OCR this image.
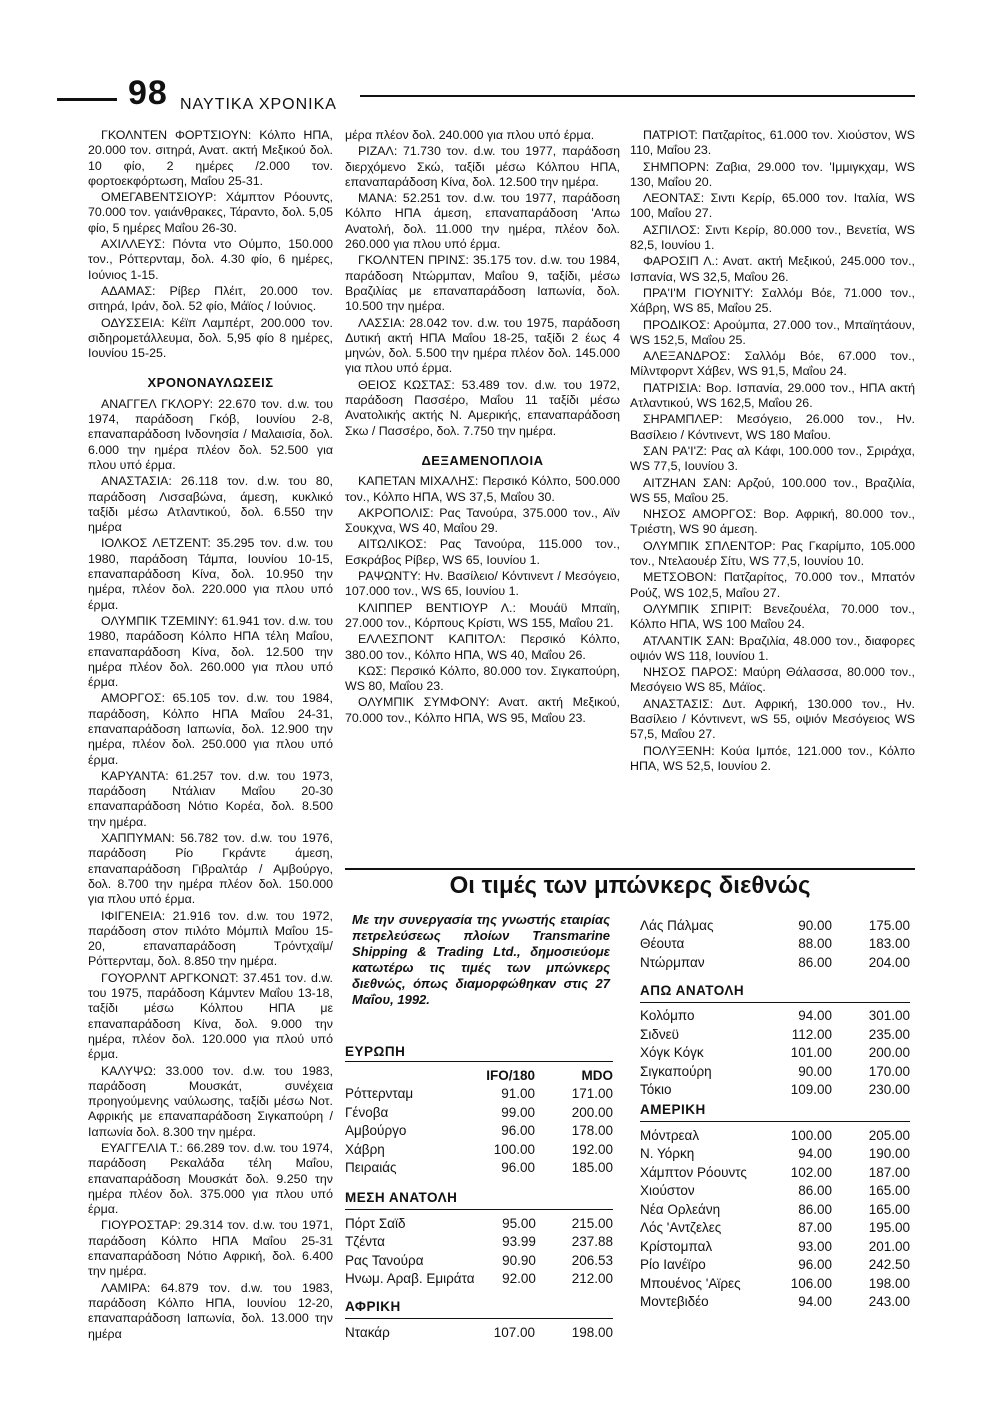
98 ΝΑΥΤΙΚΑ ΧΡΟΝΙΚΑ

ΓΚΟΛΝΤΕΝ ΦΟΡΤΣΙΟΥΝ: Κόλπο ΗΠΑ, 20.000 τον. σιτηρά, Ανατ. ακτή Μεξικού δολ. 10 φίο, 2 ημέρες /2.000 τον. φορτοεκφόρτωση, Μαΐου 25-31.

ΟΜΕΓΑΒΕΝΤΣΙΟΥΡ: Χάμπτον Ρόουντς, 70.000 τον. γαιάνθρακες, Τάραντο, δολ. 5,05 φίο, 5 ημέρες Μαΐου 26-30.

ΑΧΙΛΛΕΥΣ: Πόντα ντο Ούμπο, 150.000 τον., Ρόττερνταμ, δολ. 4.30 φίο, 6 ημέρες, Ιούνιος 1-15.

ΑΔΑΜΑΣ: Ρίβερ Πλέιτ, 20.000 τον. σιτηρά, Ιράν, δολ. 52 φίο, Μάϊος / Ιούνιος.

ΟΔΥΣΣΕΙΑ: Κέϊπ Λαμπέρτ, 200.000 τον. σιδηρομετάλλευμα, δολ. 5,95 φίο 8 ημέρες, Ιουνίου 15-25.

ΧΡΟΝΟΝΑΥΛΩΣΕΙΣ

ΑΝΑΓΓΕΛ ΓΚΛΟΡΥ: 22.670 τον. d.w. του 1974, παράδοση Γκόβ, Ιουνίου 2-8, επαναπαράδοση Ινδονησία / Μαλαισία, δολ. 6.000 την ημέρα πλέον δολ. 52.500 για πλου υπό έρμα.

ΑΝΑΣΤΑΣΙΑ: 26.118 τον. d.w. του 80, παράδοση Λισσαβώνα, άμεση, κυκλικό ταξίδι μέσω Ατλαντικού, δολ. 6.550 την ημέρα

ΙΟΛΚΟΣ ΛΕΤΖΕΝΤ: 35.295 τον. d.w. του 1980, παράδοση Τάμπα, Ιουνίου 10-15, επαναπαράδοση Κίνα, δολ. 10.950 την ημέρα, πλέον δολ. 220.000 για πλου υπό έρμα.

ΟΛΥΜΠΙΚ ΤΖΕΜΙΝΥ: 61.941 τον. d.w. του 1980, παράδοση Κόλπο ΗΠΑ τέλη Μαΐου, επαναπαράδοση Κίνα, δολ. 12.500 την ημέρα πλέον δολ. 260.000 για πλου υπό έρμα.

ΑΜΟΡΓΟΣ: 65.105 τον. d.w. του 1984, παράδοση, Κόλπο ΗΠΑ Μαΐου 24-31, επαναπαράδοση Ιαπωνία, δολ. 12.900 την ημέρα, πλέον δολ. 250.000 για πλου υπό έρμα.

ΚΑΡΥΑΝΤΑ: 61.257 τον. d.w. του 1973, παράδοση Ντάλιαν Μαΐου 20-30 επαναπαράδοση Νότιο Κορέα, δολ. 8.500 την ημέρα.

ΧΑΠΠΥΜΑΝ: 56.782 τον. d.w. του 1976, παράδοση Ρίο Γκράντε άμεση, επαναπαράδοση Γιβραλτάρ / Αμβούργο, δολ. 8.700 την ημέρα πλέον δολ. 150.000 για πλου υπό έρμα.

ΙΦΙΓΕΝΕΙΑ: 21.916 τον. d.w. του 1972, παράδοση στον πιλότο Μόμπιλ Μαΐου 15-20, επαναπαράδοση Τρόντχαϊμ/ Ρόττερνταμ, δολ. 8.850 την ημέρα.

ΓΟΥΟΡΛΝΤ ΑΡΓΚΟΝΩΤ: 37.451 τον. d.w. του 1975, παράδοση Κάμντεν Μαΐου 13-18, ταξίδι μέσω Κόλπου ΗΠΑ με επαναπαράδοση Κίνα, δολ. 9.000 την ημέρα, πλέον δολ. 120.000 για πλού υπό έρμα.

ΚΑΛΥΨΩ: 33.000 τον. d.w. του 1983, παράδοση Μουσκάτ, συνέχεια προηγούμενης ναύλωσης, ταξίδι μέσω Νοτ. Αφρικής με επαναπαράδοση Σιγκαπούρη / Ιαπωνία δολ. 8.300 την ημέρα.

ΕΥΑΓΓΕΛΙΑ Τ.: 66.289 τον. d.w. του 1974, παράδοση Ρεκαλάδα τέλη Μαΐου, επαναπαράδοση Μουσκάτ δολ. 9.250 την ημέρα πλέον δολ. 375.000 για πλου υπό έρμα.

ΓΙΟΥΡΟΣΤΑΡ: 29.314 τον. d.w. του 1971, παράδοση Κόλπο ΗΠΑ Μαΐου 25-31 επαναπαράδοση Νότιο Αφρική, δολ. 6.400 την ημέρα.

ΛΑΜΙΡΑ: 64.879 τον. d.w. του 1983, παράδοση Κόλπο ΗΠΑ, Ιουνίου 12-20, επαναπαράδοση Ιαπωνία, δολ. 13.000 την ημέρα

μέρα πλέον δολ. 240.000 για πλου υπό έρμα.

ΡΙΖΑΛ: 71.730 τον. d.w. του 1977, παράδοση διερχόμενο Σκώ, ταξίδι μέσω Κόλπου ΗΠΑ, επαναπαράδοση Κίνα, δολ. 12.500 την ημέρα.

ΜΑΝΑ: 52.251 τον. d.w. του 1977, παράδοση Κόλπο ΗΠΑ άμεση, επαναπαράδοση 'Απω Ανατολή, δολ. 11.000 την ημέρα, πλέον δολ. 260.000 για πλου υπό έρμα.

ΓΚΟΛΝΤΕΝ ΠΡΙΝΣ: 35.175 τον. d.w. του 1984, παράδοση Ντώρμπαν, Μαΐου 9, ταξίδι, μέσω Βραζιλίας με επαναπαράδοση Ιαπωνία, δολ. 10.500 την ημέρα.

ΛΑΣΣΙΑ: 28.042 τον. d.w. του 1975, παράδοση Δυτική ακτή ΗΠΑ Μαΐου 18-25, ταξίδι 2 έως 4 μηνών, δολ. 5.500 την ημέρα πλέον δολ. 145.000 για πλου υπό έρμα.

ΘΕΙΟΣ ΚΩΣΤΑΣ: 53.489 τον. d.w. του 1972, παράδοση Πασσέρο, Μαΐου 11 ταξίδι μέσω Ανατολικής ακτής Ν. Αμερικής, επαναπαράδοση Σκω / Πασσέρο, δολ. 7.750 την ημέρα.

ΔΕΞΑΜΕΝΟΠΛΟΙΑ

ΚΑΠΕΤΑΝ ΜΙΧΑΛΗΣ: Περσικό Κόλπο, 500.000 τον., Κόλπο ΗΠΑ, WS 37,5, Μαΐου 30.

ΑΚΡΟΠΟΛΙΣ: Ρας Τανούρα, 375.000 τον., Αϊν Σουκχνα, WS 40, Μαΐου 29.

ΑΙΤΩΛΙΚΟΣ: Ρας Τανούρα, 115.000 τον., Εσκράβος Ρίβερ, WS 65, Ιουνίου 1.

ΡΑΨΩΝΤΥ: Ην. Βασίλειο/ Κόντινεντ / Μεσόγειο, 107.000 τον., WS 65, Ιουνίου 1.

ΚΛΙΠΠΕΡ ΒΕΝΤΙΟΥΡ Λ.: Μουάϋ Μπαϊη, 27.000 τον., Κόρπους Κρίστι, WS 155, Μαΐου 21.

ΕΛΛΕΣΠΟΝΤ ΚΑΠΙΤΟΛ: Περσικό Κόλπο, 380.00 τον., Κόλπο ΗΠΑ, WS 40, Μαΐου 26.

ΚΩΣ: Περσικό Κόλπο, 80.000 τον. Σιγκαπούρη, WS 80, Μαΐου 23.

ΟΛΥΜΠΙΚ ΣΥΜΦΟΝΥ: Ανατ. ακτή Μεξικού, 70.000 τον., Κόλπο ΗΠΑ, WS 95, Μαΐου 23.

ΠΑΤΡΙΟΤ: Πατζαρίτος, 61.000 τον. Χιούστον, WS 110, Μαΐου 23.

ΣΗΜΠΟΡΝ: Ζαβια, 29.000 τον. 'Ιμμιγκχαμ, WS 130, Μαΐου 20.

ΛΕΟΝΤΑΣ: Σιντι Κερίρ, 65.000 τον. Ιταλία, WS 100, Μαΐου 27.

ΑΣΠΙΛΟΣ: Σιντι Κερίρ, 80.000 τον., Βενετία, WS 82,5, Ιουνίου 1.

ΦΑΡΟΣΙΠ Λ.: Ανατ. ακτή Μεξικού, 245.000 τον., Ισπανία, WS 32,5, Μαΐου 26.

ΠΡΑ'Ι'Μ ΓΙΟΥΝΙΤΥ: Σαλλόμ Βόε, 71.000 τον., Χάβρη, WS 85, Μαΐου 25.

ΠΡΟΔΙΚΟΣ: Αρούμπα, 27.000 τον., Μπαϊητάουν, WS 152,5, Μαΐου 25.

ΑΛΕΞΑΝΔΡΟΣ: Σαλλόμ Βόε, 67.000 τον., Μίλντφορντ Χάβεν, WS 91,5, Μαΐου 24.

ΠΑΤΡΙΣΙΑ: Βορ. Ισπανία, 29.000 τον., ΗΠΑ ακτή Ατλαντικού, WS 162,5, Μαΐου 26.

ΣΗΡΑΜΠΛΕΡ: Μεσόγειο, 26.000 τον., Ην. Βασίλειο / Κόντινεντ, WS 180 Μαΐου.

ΣΑΝ ΡΑ'Ι'Ζ: Ρας αλ Κάφι, 100.000 τον., Σριράχα, WS 77,5, Ιουνίου 3.

ΑΙΤΖΗΑΝ ΣΑΝ: Αρζού, 100.000 τον., Βραζιλία, WS 55, Μαΐου 25.

ΝΗΣΟΣ ΑΜΟΡΓΟΣ: Βορ. Αφρική, 80.000 τον., Τριέστη, WS 90 άμεση.

ΟΛΥΜΠΙΚ ΣΠΛΕΝΤΟΡ: Ρας Γκαρίμπο, 105.000 τον., Ντελαουέρ Σίτυ, WS 77,5, Ιουνίου 10.

ΜΕΤΣΟΒΟΝ: Πατζαρίτος, 70.000 τον., Μπατόν Ρούζ, WS 102,5, Μαΐου 27.

ΟΛΥΜΠΙΚ ΣΠΙΡΙΤ: Βενεζουέλα, 70.000 τον., Κόλπο ΗΠΑ, WS 100 Μαΐου 24.

ΑΤΛΑΝΤΙΚ ΣΑΝ: Βραζιλία, 48.000 τον., διαφορες οψιόν WS 118, Ιουνίου 1.

ΝΗΣΟΣ ΠΑΡΟΣ: Μαύρη Θάλασσα, 80.000 τον., Μεσόγειο WS 85, Μάϊος.

ΑΝΑΣΤΑΣΙΣ: Δυτ. Αφρική, 130.000 τον., Ην. Βασίλειο / Κόντινεντ, wS 55, οψιόν Μεσόγειος WS 57,5, Μαΐου 27.

ΠΟΛΥΞΕΝΗ: Κούα Ιμπόε, 121.000 τον., Κόλπο ΗΠΑ, WS 52,5, Ιουνίου 2.

Οι τιμές των μπώνκερς διεθνώς
Με την συνεργασία της γνωστής εταιρίας πετρελεύσεως πλοίων Transmarine Shipping & Trading Ltd., δημοσιεύομε κατωτέρω τις τιμές των μπώνκερς διεθνώς, όπως διαμορφώθηκαν στις 27 Μαΐου, 1992.
ΕΥΡΩΠΗ
	IFO/180	MDO
Ρόττερνταμ	91.00	171.00
Γένοβα	99.00	200.00
Αμβούργο	96.00	178.00
Χάβρη	100.00	192.00
Πειραιάς	96.00	185.00
ΜΕΣΗ ΑΝΑΤΟΛΗ
Πόρτ Σαϊδ	95.00	215.00
Τζέντα	93.99	237.88
Ρας Τανούρα	90.90	206.53
Ηνωμ. Αραβ. Εμιράτα	92.00	212.00
ΑΦΡΙΚΗ
Ντακάρ	107.00	198.00
Λάς Πάλμας	90.00	175.00
Θέουτα	88.00	183.00
Ντώρμπαν	86.00	204.00
ΑΠΩ ΑΝΑΤΟΛΗ
Κολόμπο	94.00	301.00
Σιδνεϋ	112.00	235.00
Χόγκ Κόγκ	101.00	200.00
Σιγκαπούρη	90.00	170.00
Τόκιο	109.00	230.00
ΑΜΕΡΙΚΗ
Μόντρεαλ	100.00	205.00
Ν. Υόρκη	94.00	190.00
Χάμπτον Ρόουντς	102.00	187.00
Χιούστον	86.00	165.00
Νέα Ορλεάνη	86.00	165.00
Λός 'Αντζελες	87.00	195.00
Κρίστομπαλ	93.00	201.00
Ρίο Ιανέϊρο	96.00	242.50
Μπουένος 'Αϊρες	106.00	198.00
Μοντεβιδέο	94.00	243.00
